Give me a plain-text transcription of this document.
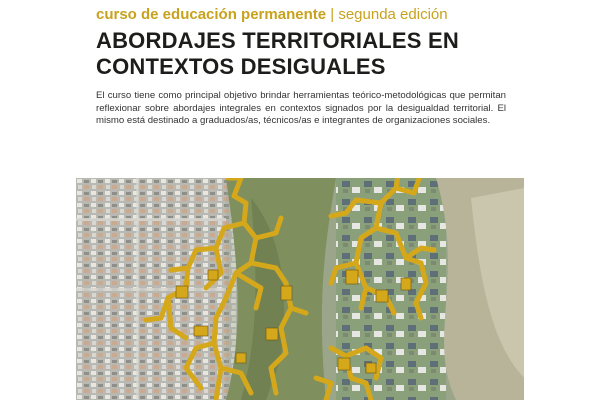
curso de educación permanente | segunda edición
ABORDAJES TERRITORIALES EN CONTEXTOS DESIGUALES
El curso tiene como principal objetivo brindar herramientas teórico-metodológicas que permitan reflexionar sobre abordajes integrales en contextos signados por la desigualdad territorial. El mismo está destinado a graduados/as, técnicos/as e integrantes de organizaciones sociales.
